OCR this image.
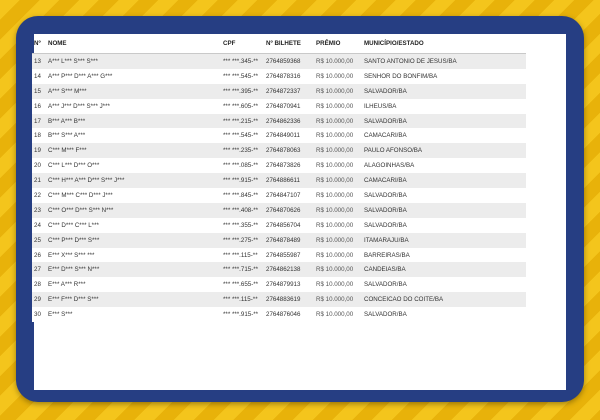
Nº	NOME	CPF	Nº BILHETE	PRÊMIO	MUNICÍPIO/ESTADO
13	A*** L*** S*** S***	*** ***.345-**	2764859368	R$ 10.000,00	SANTO ANTONIO DE JESUS/BA
14	A*** P*** D*** A*** G***	*** ***.545-**	2764878316	R$ 10.000,00	SENHOR DO BONFIM/BA
15	A*** S*** M***	*** ***.395-**	2764872337	R$ 10.000,00	SALVADOR/BA
16	A*** J*** D*** S*** J***	*** ***.605-**	2764870941	R$ 10.000,00	ILHEUS/BA
17	B*** A*** B***	*** ***.215-**	2764862336	R$ 10.000,00	SALVADOR/BA
18	B*** S*** A***	*** ***.545-**	2764849011	R$ 10.000,00	CAMACARI/BA
19	C*** M*** F***	*** ***.235-**	2764878063	R$ 10.000,00	PAULO AFONSO/BA
20	C*** L*** D*** O***	*** ***.085-**	2764873826	R$ 10.000,00	ALAGOINHAS/BA
21	C*** H*** A*** D*** S*** J***	*** ***.915-**	2764886611	R$ 10.000,00	CAMACARI/BA
22	C*** M*** C*** D*** J***	*** ***.845-**	2764847107	R$ 10.000,00	SALVADOR/BA
23	C*** O*** D*** S*** N***	*** ***.408-**	2764870626	R$ 10.000,00	SALVADOR/BA
24	C*** D*** C*** L***	*** ***.355-**	2764856704	R$ 10.000,00	SALVADOR/BA
25	C*** P*** D*** S***	*** ***.275-**	2764878489	R$ 10.000,00	ITAMARAJU/BA
26	E*** X*** S*** ***	*** ***.115-**	2764855987	R$ 10.000,00	BARREIRAS/BA
27	E*** D*** S*** N***	*** ***.715-**	2764862138	R$ 10.000,00	CANDEIAS/BA
28	E*** A*** R***	*** ***.655-**	2764879913	R$ 10.000,00	SALVADOR/BA
29	E*** F*** D*** S***	*** ***.115-**	2764883619	R$ 10.000,00	CONCEICAO DO COITE/BA
30	E*** S***	*** ***.915-**	2764876046	R$ 10.000,00	SALVADOR/BA
